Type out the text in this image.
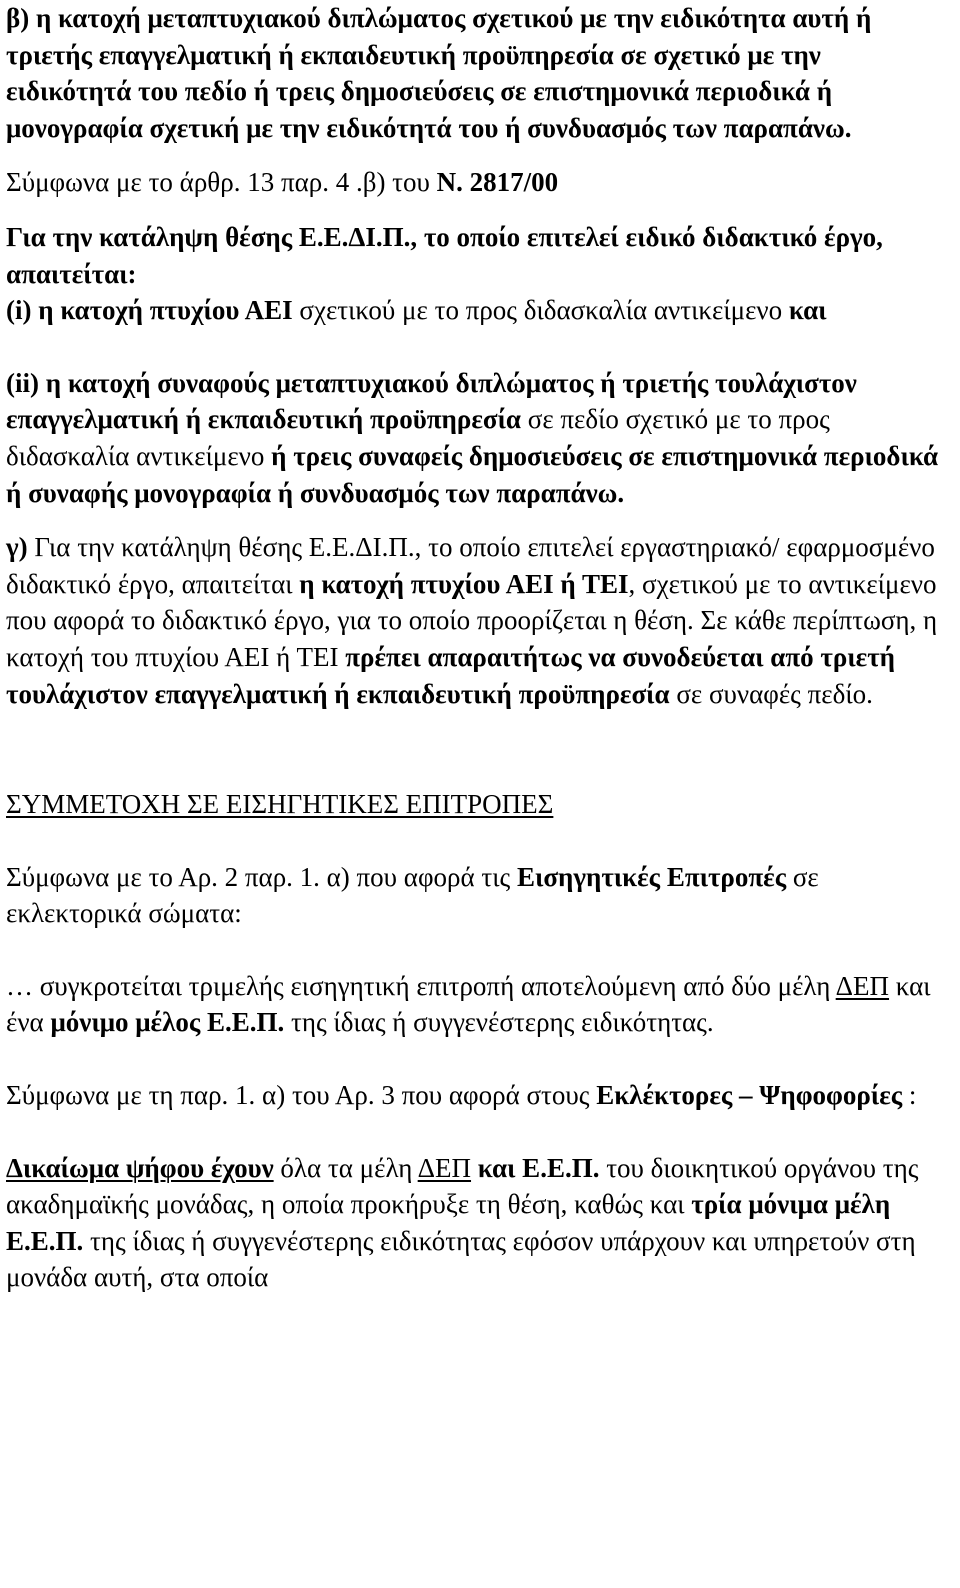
β) η κατοχή μεταπτυχιακού διπλώματος σχετικού με την ειδικότητα αυτή ή τριετής επαγγελματική ή εκπαιδευτική προϋπηρεσία σε σχετικό με την ειδικότητά του πεδίο ή τρεις δημοσιεύσεις σε επιστημονικά περιοδικά ή μονογραφία σχετική με την ειδικότητά του ή συνδυασμός των παραπάνω.

Σύμφωνα με το άρθρ. 13 παρ. 4 .β) του Ν. 2817/00

Για την κατάληψη θέσης Ε.Ε.ΔΙ.Π., το οποίο επιτελεί ειδικό διδακτικό έργο, απαιτείται:
(i) η κατοχή πτυχίου ΑΕΙ σχετικού με το προς διδασκαλία αντικείμενο και

(ii) η κατοχή συναφούς μεταπτυχιακού διπλώματος ή τριετής τουλάχιστον επαγγελματική ή εκπαιδευτική προϋπηρεσία σε πεδίο σχετικό με το προς διδασκαλία αντικείμενο ή τρεις συναφείς δημοσιεύσεις σε επιστημονικά περιοδικά ή συναφής μονογραφία ή συνδυασμός των παραπάνω.

γ) Για την κατάληψη θέσης Ε.Ε.ΔΙ.Π., το οποίο επιτελεί εργαστηριακό/ εφαρμοσμένο διδακτικό έργο, απαιτείται η κατοχή πτυχίου ΑΕΙ ή ΤΕΙ, σχετικού με το αντικείμενο που αφορά το διδακτικό έργο, για το οποίο προορίζεται η θέση. Σε κάθε περίπτωση, η κατοχή του πτυχίου ΑΕΙ ή ΤΕΙ πρέπει απαραιτήτως να συνοδεύεται από τριετή τουλάχιστον επαγγελματική ή εκπαιδευτική προϋπηρεσία σε συναφές πεδίο.

ΣΥΜΜΕΤΟΧΗ ΣΕ ΕΙΣΗΓΗΤΙΚΕΣ ΕΠΙΤΡΟΠΕΣ

Σύμφωνα με το Αρ. 2 παρ. 1. α) που αφορά τις Εισηγητικές Επιτροπές σε εκλεκτορικά σώματα:

… συγκροτείται τριμελής εισηγητική επιτροπή αποτελούμενη από δύο μέλη ΔΕΠ και ένα μόνιμο μέλος Ε.Ε.Π. της ίδιας ή συγγενέστερης ειδικότητας.

Σύμφωνα με τη παρ. 1. α) του Αρ. 3 που αφορά στους Εκλέκτορες – Ψηφοφορίες :

Δικαίωμα ψήφου έχουν όλα τα μέλη ΔΕΠ και Ε.Ε.Π. του διοικητικού οργάνου της ακαδημαϊκής μονάδας, η οποία προκήρυξε τη θέση, καθώς και τρία μόνιμα μέλη Ε.Ε.Π. της ίδιας ή συγγενέστερης ειδικότητας εφόσον υπάρχουν και υπηρετούν στη μονάδα αυτή, στα οποία
